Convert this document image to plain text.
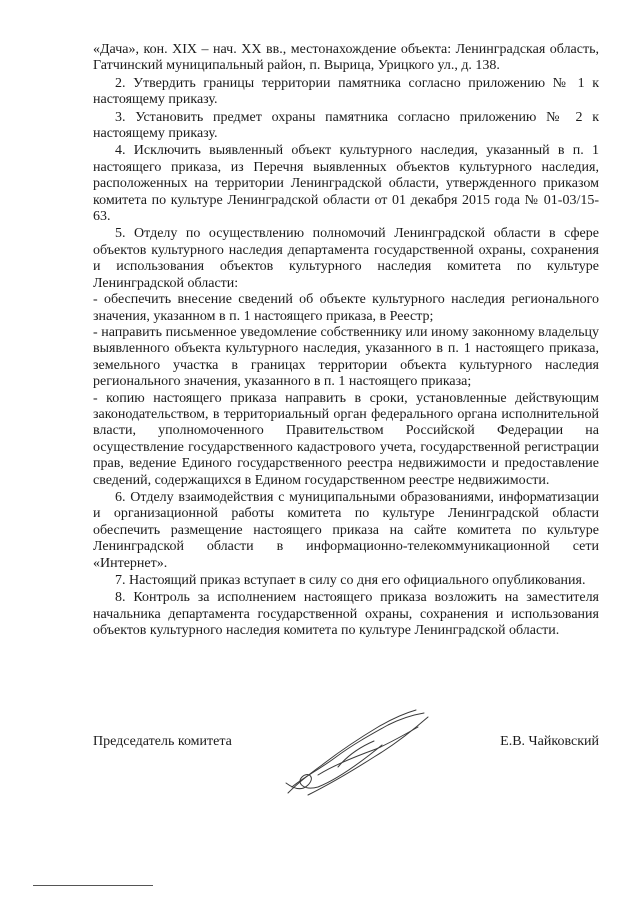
«Дача», кон. XIX – нач. XX вв., местонахождение объекта: Ленинградская область, Гатчинский муниципальный район, п. Вырица, Урицкого ул., д. 138.

2. Утвердить границы территории памятника согласно приложению № 1 к настоящему приказу.

3. Установить предмет охраны памятника согласно приложению № 2 к настоящему приказу.

4. Исключить выявленный объект культурного наследия, указанный в п. 1 настоящего приказа, из Перечня выявленных объектов культурного наследия, расположенных на территории Ленинградской области, утвержденного приказом комитета по культуре Ленинградской области от 01 декабря 2015 года № 01-03/15-63.

5. Отделу по осуществлению полномочий Ленинградской области в сфере объектов культурного наследия департамента государственной охраны, сохранения и использования объектов культурного наследия комитета по культуре Ленинградской области:

- обеспечить внесение сведений об объекте культурного наследия регионального значения, указанном в п. 1 настоящего приказа, в Реестр;

- направить письменное уведомление собственнику или иному законному владельцу выявленного объекта культурного наследия, указанного в п. 1 настоящего приказа, земельного участка в границах территории объекта культурного наследия регионального значения, указанного в п. 1 настоящего приказа;

- копию настоящего приказа направить в сроки, установленные действующим законодательством, в территориальный орган федерального органа исполнительной власти, уполномоченного Правительством Российской Федерации на осуществление государственного кадастрового учета, государственной регистрации прав, ведение Единого государственного реестра недвижимости и предоставление сведений, содержащихся в Едином государственном реестре недвижимости.

6. Отделу взаимодействия с муниципальными образованиями, информатизации и организационной работы комитета по культуре Ленинградской области обеспечить размещение настоящего приказа на сайте комитета по культуре Ленинградской области в информационно-телекоммуникационной сети «Интернет».

7. Настоящий приказ вступает в силу со дня его официального опубликования.

8. Контроль за исполнением настоящего приказа возложить на заместителя начальника департамента государственной охраны, сохранения и использования объектов культурного наследия комитета по культуре Ленинградской области.

Председатель комитета	Е.В. Чайковский
